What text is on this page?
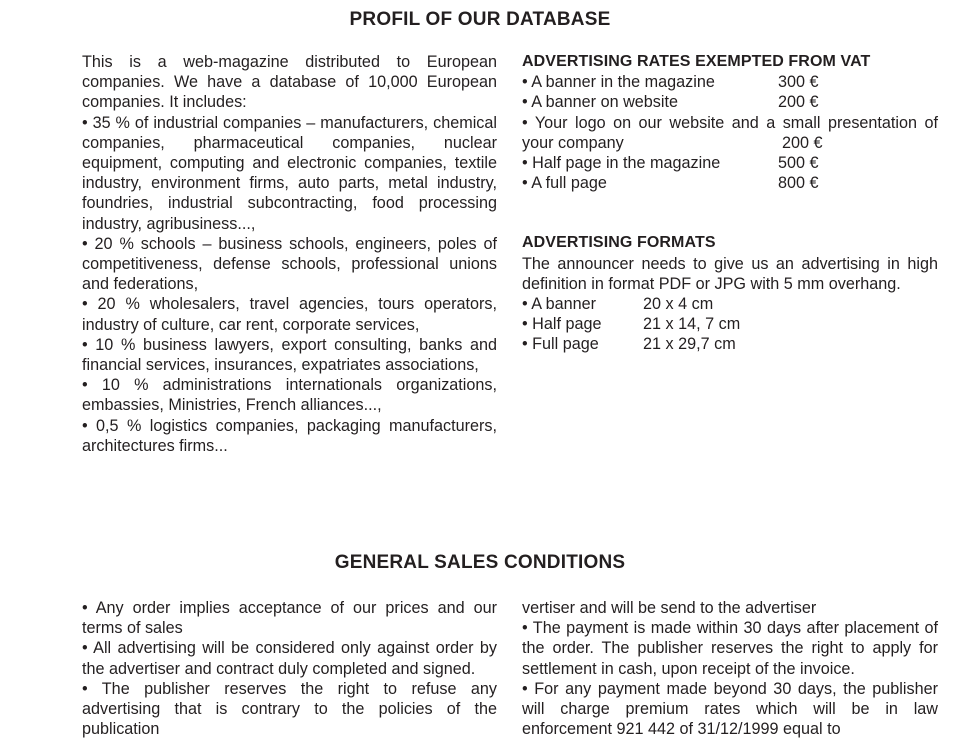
PROFIL OF OUR DATABASE

This is a web-magazine distributed to European companies. We have a database of 10,000 European companies. It includes:

• 35 % of industrial companies – manufacturers, chemical companies, pharmaceutical companies, nuclear equipment, computing and electronic companies, textile industry, environment firms, auto parts, metal industry, foundries, industrial subcontracting, food processing industry, agribusiness...,

• 20 % schools – business schools, engineers, poles of competitiveness, defense schools, professional unions and federations,

• 20 % wholesalers, travel agencies, tours operators, industry of culture, car rent, corporate services,

• 10 % business lawyers, export consulting, banks and financial services, insurances, expatriates associations,

• 10 % administrations internationals organizations, embassies, Ministries, French alliances...,

• 0,5 % logistics companies, packaging manufacturers, architectures firms...

ADVERTISING RATES EXEMPTED FROM VAT

• A banner in the magazine	300 €
• A banner on website	200 €
• Your logo on our website and a small presentation of your company	200 €
• Half page in the magazine	500 €
• A full page	800 €

ADVERTISING FORMATS

The announcer needs to give us an advertising in high definition in format PDF or JPG with 5 mm overhang.

• A banner	20 x 4 cm
• Half page	21 x 14, 7 cm
• Full page	21 x 29,7 cm
GENERAL SALES CONDITIONS

• Any order implies acceptance of our prices and our terms of sales

• All advertising will be considered only against order by the advertiser and contract duly completed and signed.

• The publisher reserves the right to refuse any advertising that is contrary to the policies of the publication

vertiser and will be send to the advertiser

• The payment is made within 30 days after placement of the order. The publisher reserves the right to apply for settlement in cash, upon receipt of the invoice.

• For any payment made beyond 30 days, the publisher will charge premium rates which will be in law enforcement 921 442 of 31/12/1999 equal to
